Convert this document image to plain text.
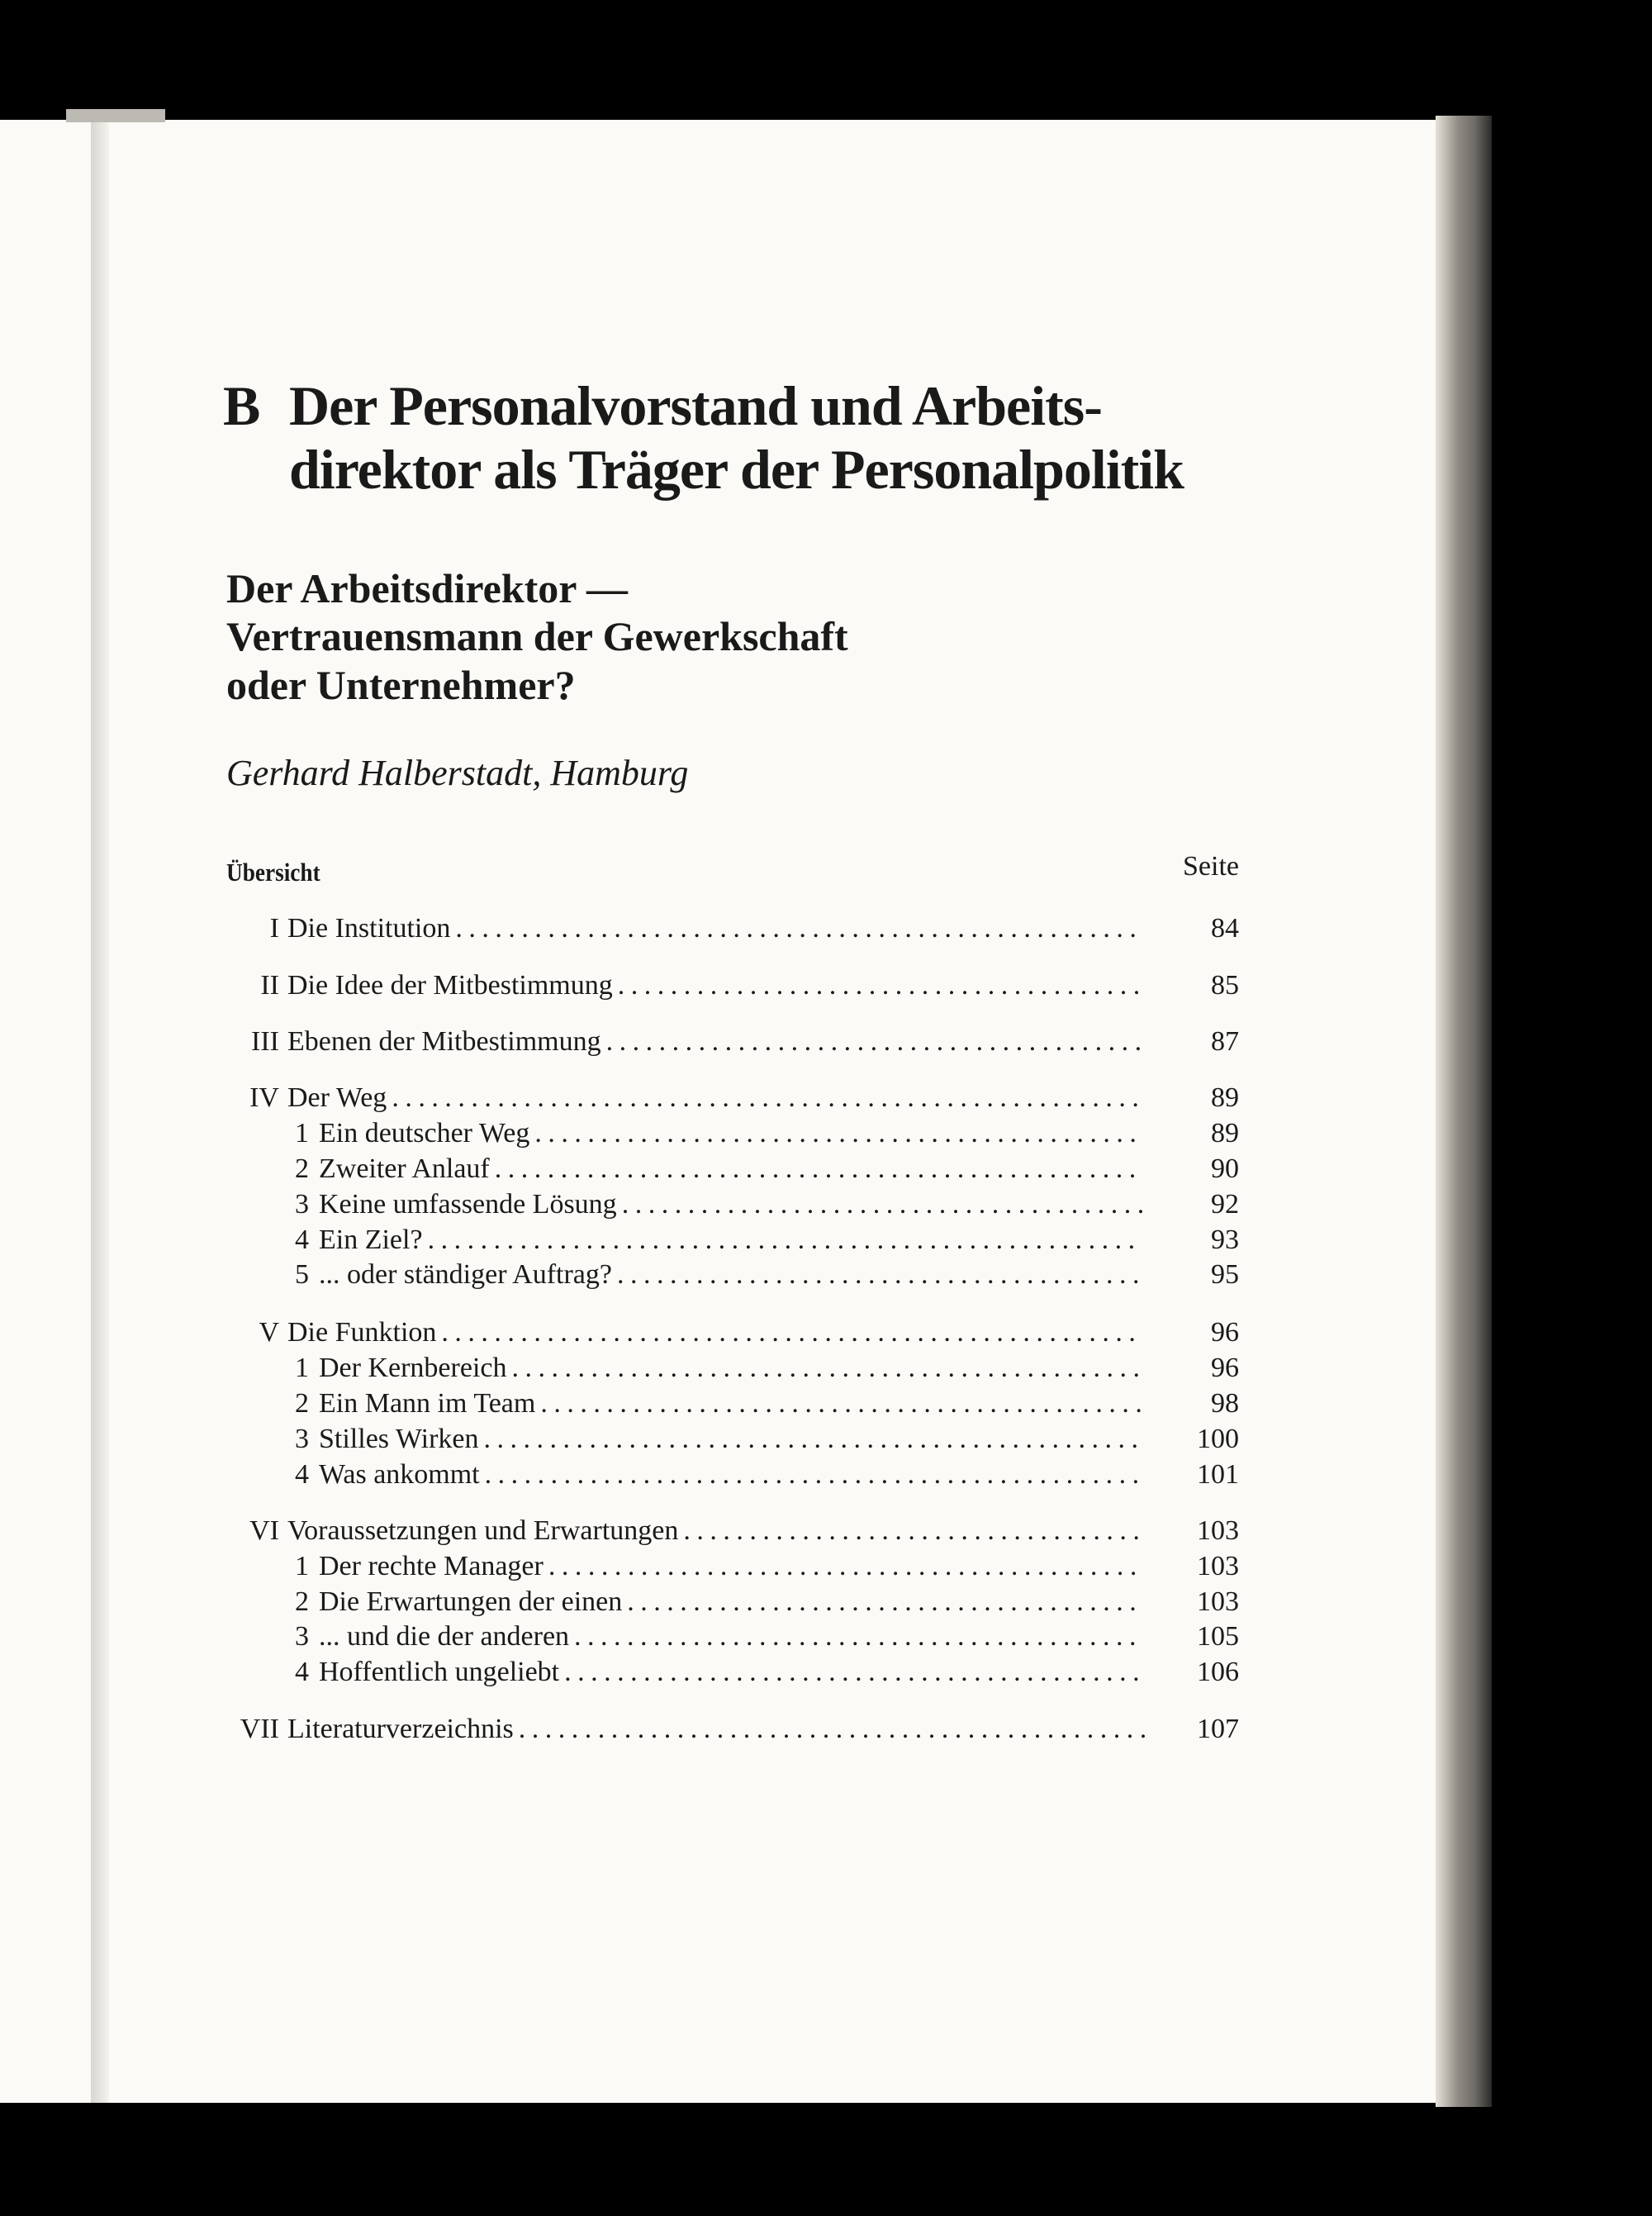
B Der Personalvorstand und Arbeits-
direktor als Träger der Personalpolitik
Der Arbeitsdirektor —
Vertrauensmann der Gewerkschaft
oder Unternehmer?
Gerhard Halberstadt, Hamburg
Übersicht	Seite
I Die Institution . . .	84
II Die Idee der Mitbestimmung . . .	85
III Ebenen der Mitbestimmung . . .	87
IV Der Weg . . .	89
1 Ein deutscher Weg . . .	89
2 Zweiter Anlauf . . .	90
3 Keine umfassende Lösung . . .	92
4 Ein Ziel? . . .	93
5 ... oder ständiger Auftrag? . . .	95
V Die Funktion . . .	96
1 Der Kernbereich . . .	96
2 Ein Mann im Team . . .	98
3 Stilles Wirken . . .	100
4 Was ankommt . . .	101
VI Voraussetzungen und Erwartungen . . .	103
1 Der rechte Manager . . .	103
2 Die Erwartungen der einen . . .	103
3 ... und die der anderen . . .	105
4 Hoffentlich ungeliebt . . .	106
VII Literaturverzeichnis . . .	107
